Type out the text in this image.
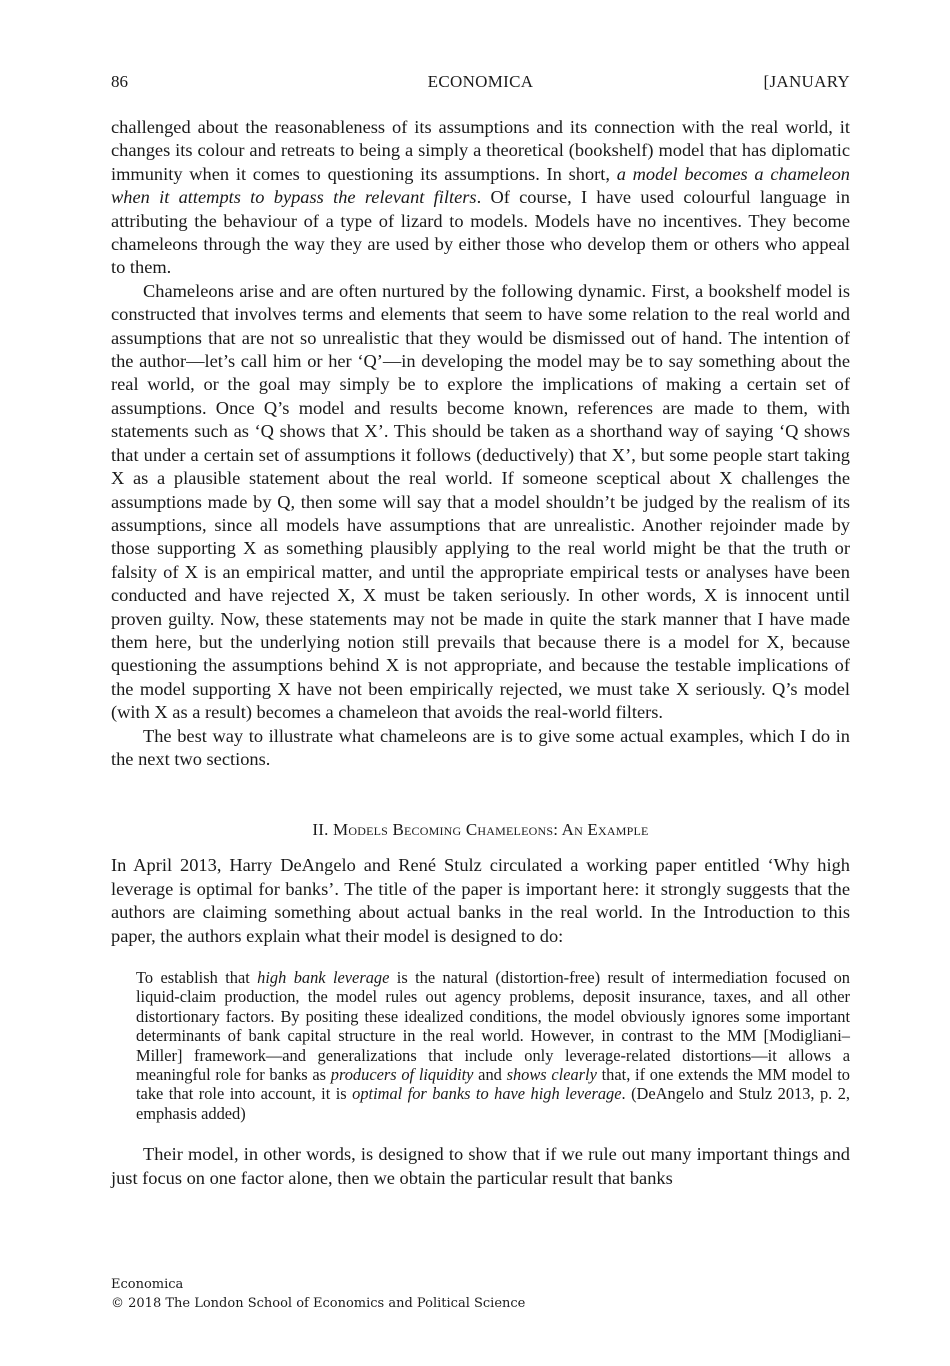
86	ECONOMICA	[JANUARY

challenged about the reasonableness of its assumptions and its connection with the real world, it changes its colour and retreats to being a simply a theoretical (bookshelf) model that has diplomatic immunity when it comes to questioning its assumptions. In short, a model becomes a chameleon when it attempts to bypass the relevant filters. Of course, I have used colourful language in attributing the behaviour of a type of lizard to models. Models have no incentives. They become chameleons through the way they are used by either those who develop them or others who appeal to them.

Chameleons arise and are often nurtured by the following dynamic. First, a bookshelf model is constructed that involves terms and elements that seem to have some relation to the real world and assumptions that are not so unrealistic that they would be dismissed out of hand. The intention of the author—let’s call him or her ‘Q’—in developing the model may be to say something about the real world, or the goal may simply be to explore the implications of making a certain set of assumptions. Once Q’s model and results become known, references are made to them, with statements such as ‘Q shows that X’. This should be taken as a shorthand way of saying ‘Q shows that under a certain set of assumptions it follows (deductively) that X’, but some people start taking X as a plausible statement about the real world. If someone sceptical about X challenges the assumptions made by Q, then some will say that a model shouldn’t be judged by the realism of its assumptions, since all models have assumptions that are unrealistic. Another rejoinder made by those supporting X as something plausibly applying to the real world might be that the truth or falsity of X is an empirical matter, and until the appropriate empirical tests or analyses have been conducted and have rejected X, X must be taken seriously. In other words, X is innocent until proven guilty. Now, these statements may not be made in quite the stark manner that I have made them here, but the underlying notion still prevails that because there is a model for X, because questioning the assumptions behind X is not appropriate, and because the testable implications of the model supporting X have not been empirically rejected, we must take X seriously. Q’s model (with X as a result) becomes a chameleon that avoids the real-world filters.

The best way to illustrate what chameleons are is to give some actual examples, which I do in the next two sections.

II. Models Becoming Chameleons: An Example

In April 2013, Harry DeAngelo and René Stulz circulated a working paper entitled ‘Why high leverage is optimal for banks’. The title of the paper is important here: it strongly suggests that the authors are claiming something about actual banks in the real world. In the Introduction to this paper, the authors explain what their model is designed to do:

To establish that high bank leverage is the natural (distortion-free) result of intermediation focused on liquid-claim production, the model rules out agency problems, deposit insurance, taxes, and all other distortionary factors. By positing these idealized conditions, the model obviously ignores some important determinants of bank capital structure in the real world. However, in contrast to the MM [Modigliani–Miller] framework—and generalizations that include only leverage-related distortions—it allows a meaningful role for banks as producers of liquidity and shows clearly that, if one extends the MM model to take that role into account, it is optimal for banks to have high leverage. (DeAngelo and Stulz 2013, p. 2, emphasis added)

Their model, in other words, is designed to show that if we rule out many important things and just focus on one factor alone, then we obtain the particular result that banks

Economica
© 2018 The London School of Economics and Political Science
